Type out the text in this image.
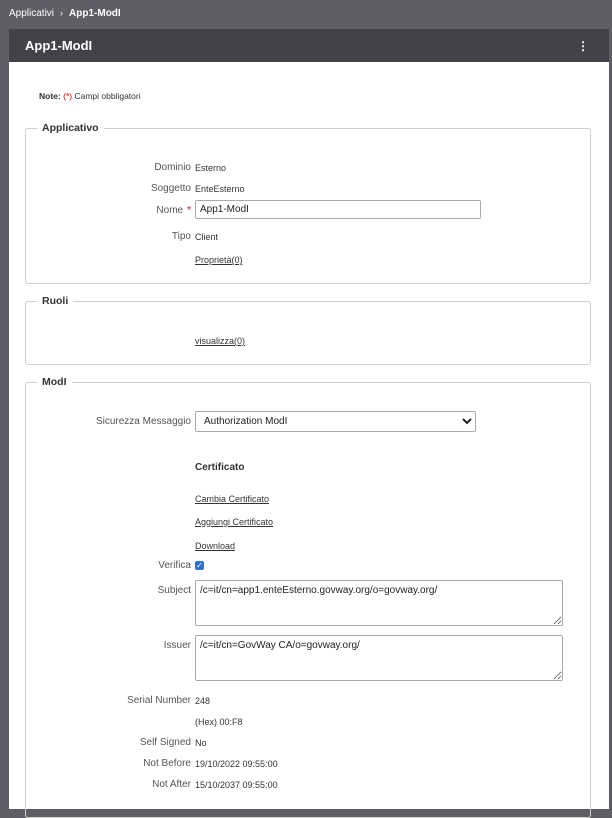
Applicativi › App1-ModI
App1-ModI	⋮
Note: (*) Campi obbligatori
Applicativo
Dominio Esterno
Soggetto EnteEsterno
Nome *
App1-ModI
Tipo Client
Proprietà(0)
Ruoli
visualizza(0)
ModI
Sicurezza Messaggio
Authorization ModI
Certificato
Cambia Certificato
Aggiungi Certificato
Download
Verifica ✓
Subject
/c=it/cn=app1.enteEsterno.govway.org/o=govway.org/
Issuer
/c=it/cn=GovWay CA/o=govway.org/
Serial Number 248
(Hex) 00:F8
Self Signed No
Not Before 19/10/2022 09:55:00
Not After 15/10/2037 09:55:00
